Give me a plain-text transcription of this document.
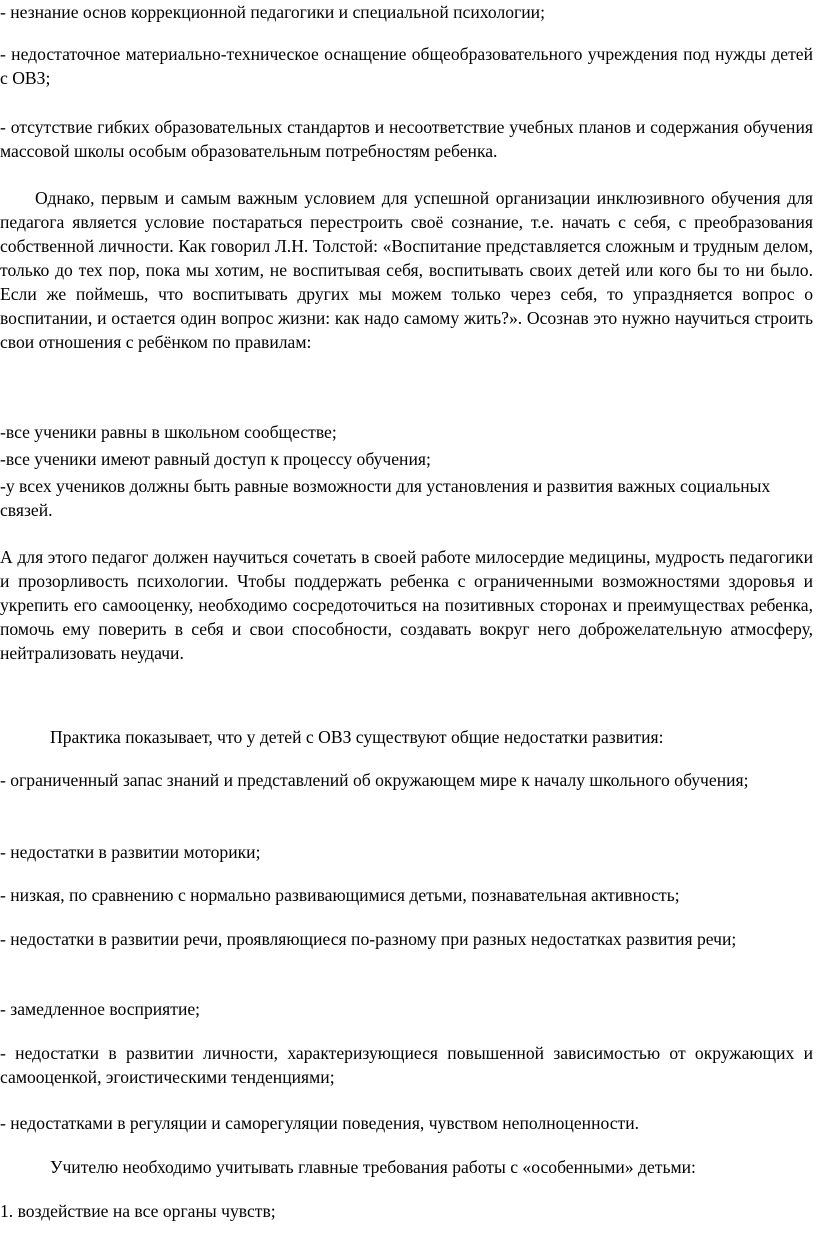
- незнание основ коррекционной педагогики и специальной психологии;

- недостаточное материально-техническое оснащение общеобразовательного учреждения под нужды детей с ОВЗ;

- отсутствие гибких образовательных стандартов и несоответствие учебных планов и содержания обучения массовой школы особым образовательным потребностям ребенка.

Однако, первым и самым важным условием для успешной организации инклюзивного обучения для педагога является условие постараться перестроить своё сознание, т.е. начать с себя, с преобразования собственной личности. Как говорил Л.Н. Толстой: «Воспитание представляется сложным и трудным делом, только до тех пор, пока мы хотим, не воспитывая себя, воспитывать своих детей или кого бы то ни было. Если же поймешь, что воспитывать других мы можем только через себя, то упраздняется вопрос о воспитании, и остается один вопрос жизни: как надо самому жить?». Осознав это нужно научиться строить свои отношения с ребёнком по правилам:

-все ученики равны в школьном сообществе;

-все ученики имеют равный доступ к процессу обучения;

-у всех учеников должны быть равные возможности для установления и развития важных социальных связей.

А для этого педагог должен научиться сочетать в своей работе милосердие медицины, мудрость педагогики и прозорливость психологии. Чтобы поддержать ребенка с ограниченными возможностями здоровья и укрепить его самооценку, необходимо сосредоточиться на позитивных сторонах и преимуществах ребенка, помочь ему поверить в себя и свои способности, создавать вокруг него доброжелательную атмосферу, нейтрализовать неудачи.

Практика показывает, что у детей с ОВЗ существуют общие недостатки развития:

- ограниченный запас знаний и представлений об окружающем мире к началу школьного обучения;

- недостатки в развитии моторики;

- низкая, по сравнению с нормально развивающимися детьми, познавательная активность;

- недостатки в развитии речи, проявляющиеся по-разному при разных недостатках развития речи;

- замедленное восприятие;

- недостатки в развитии личности, характеризующиеся повышенной зависимостью от окружающих и самооценкой, эгоистическими тенденциями;

- недостатками в регуляции и саморегуляции поведения, чувством неполноценности.

Учителю необходимо учитывать главные требования работы с «особенными» детьми:

1. воздействие на все органы чувств;
